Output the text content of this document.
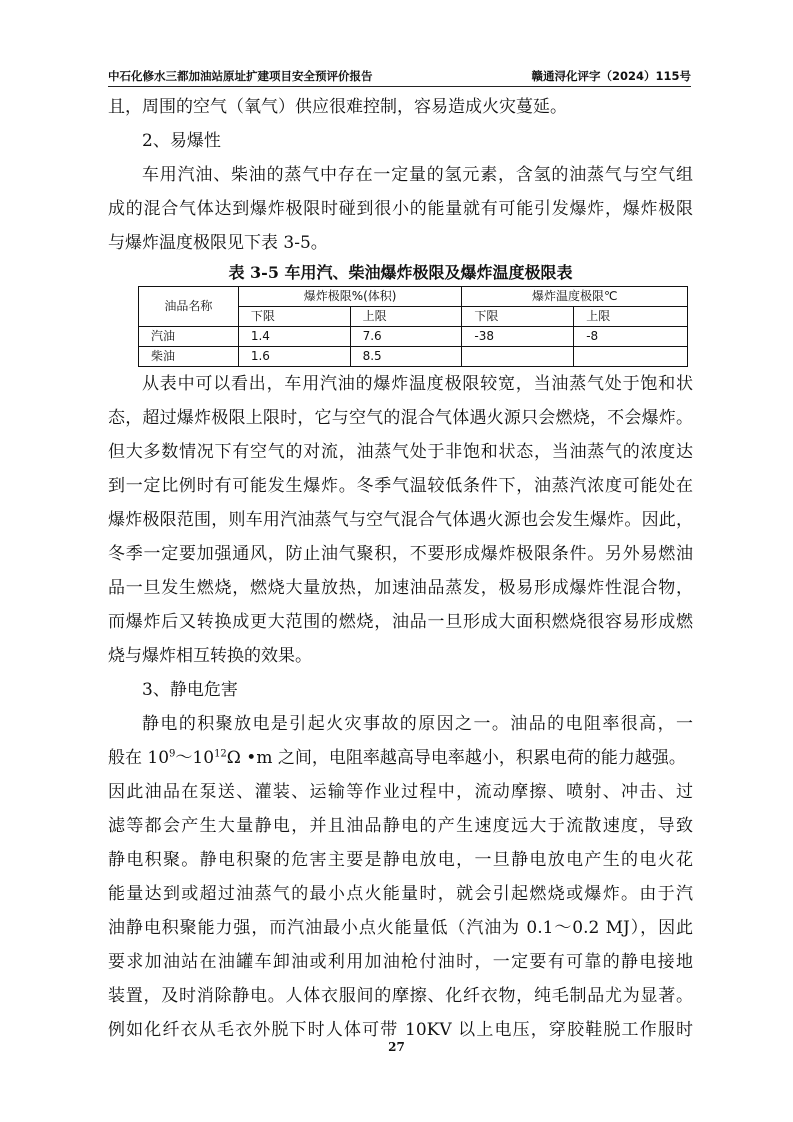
中石化修水三都加油站原址扩建项目安全预评价报告	赣通浔化评字（2024）115号

且，周围的空气（氧气）供应很难控制，容易造成火灾蔓延。

2、易爆性

车用汽油、柴油的蒸气中存在一定量的氢元素，含氢的油蒸气与空气组

成的混合气体达到爆炸极限时碰到很小的能量就有可能引发爆炸，爆炸极限

与爆炸温度极限见下表 3-5。

表 3-5 车用汽、柴油爆炸极限及爆炸温度极限表

油品名称	爆炸极限%(体积)		爆炸温度极限℃	
	下限	上限	下限	上限
汽油	1.4	7.6	-38	-8
柴油	1.6	8.5		

从表中可以看出，车用汽油的爆炸温度极限较宽，当油蒸气处于饱和状

态，超过爆炸极限上限时，它与空气的混合气体遇火源只会燃烧，不会爆炸。

但大多数情况下有空气的对流，油蒸气处于非饱和状态，当油蒸气的浓度达

到一定比例时有可能发生爆炸。冬季气温较低条件下，油蒸汽浓度可能处在

爆炸极限范围，则车用汽油蒸气与空气混合气体遇火源也会发生爆炸。因此，

冬季一定要加强通风，防止油气聚积，不要形成爆炸极限条件。另外易燃油

品一旦发生燃烧，燃烧大量放热，加速油品蒸发，极易形成爆炸性混合物，

而爆炸后又转换成更大范围的燃烧，油品一旦形成大面积燃烧很容易形成燃

烧与爆炸相互转换的效果。

3、静电危害

静电的积聚放电是引起火灾事故的原因之一。油品的电阻率很高，一

般在 $10^9\sim 10^{12}\Omega$ •m 之间，电阻率越高导电率越小，积累电荷的能力越强。

因此油品在泵送、灌装、运输等作业过程中，流动摩擦、喷射、冲击、过

滤等都会产生大量静电，并且油品静电的产生速度远大于流散速度，导致

静电积聚。静电积聚的危害主要是静电放电，一旦静电放电产生的电火花

能量达到或超过油蒸气的最小点火能量时，就会引起燃烧或爆炸。由于汽

油静电积聚能力强，而汽油最小点火能量低（汽油为 0.1～0.2 MJ），因此

要求加油站在油罐车卸油或利用加油枪付油时，一定要有可靠的静电接地

装置，及时消除静电。人体衣服间的摩擦、化纤衣物，纯毛制品尤为显著。

例如化纤衣从毛衣外脱下时人体可带 10KV 以上电压，穿胶鞋脱工作服时

27
